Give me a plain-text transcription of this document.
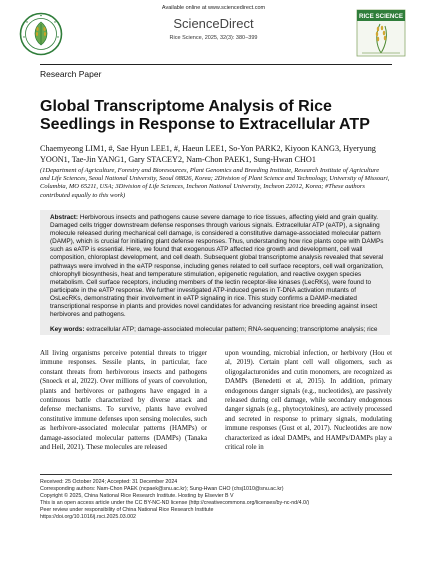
Available online at www.sciencedirect.com
ScienceDirect
Rice Science, 2025, 32(3): 380−399
RICE SCIENCE
Research Paper
Global Transcriptome Analysis of Rice Seedlings in Response to Extracellular ATP
Chaemyeong LIM1, #, Sae Hyun LEE1, #, Haeun LEE1, So-Yon PARK2, Kiyoon KANG3, Hyeryung YOON1, Tae-Jin YANG1, Gary STACEY2, Nam-Chon PAEK1, Sung-Hwan CHO1
(1Department of Agriculture, Forestry and Bioresources, Plant Genomics and Breeding Institute, Research Institute of Agriculture and Life Sciences, Seoul National University, Seoul 08826, Korea; 2Division of Plant Science and Technology, University of Missouri, Columbia, MO 65211, USA; 3Division of Life Sciences, Incheon National University, Incheon 22012, Korea; #These authors contributed equally to this work)
Abstract: Herbivorous insects and pathogens cause severe damage to rice tissues, affecting yield and grain quality. Damaged cells trigger downstream defense responses through various signals. Extracellular ATP (eATP), a signaling molecule released during mechanical cell damage, is considered a constitutive damage-associated molecular pattern (DAMP), which is crucial for initiating plant defense responses. Thus, understanding how rice plants cope with DAMPs such as eATP is essential. Here, we found that exogenous ATP affected rice growth and development, cell wall composition, chloroplast development, and cell death. Subsequent global transcriptome analysis revealed that several pathways were involved in the eATP response, including genes related to cell surface receptors, cell wall organization, chlorophyll biosynthesis, heat and temperature stimulation, epigenetic regulation, and reactive oxygen species metabolism. Cell surface receptors, including members of the lectin receptor-like kinases (LecRKs), were found to participate in the eATP response. We further investigated ATP-induced genes in T-DNA activation mutants of OsLecRKs, demonstrating their involvement in eATP signaling in rice. This study confirms a DAMP-mediated transcriptional response in plants and provides novel candidates for advancing resistant rice breeding against insect herbivores and pathogens.
Key words: extracellular ATP; damage-associated molecular pattern; RNA-sequencing; transcriptome analysis; rice
All living organisms perceive potential threats to trigger immune responses. Sessile plants, in particular, face constant threats from herbivorous insects and pathogens (Snoeck et al, 2022). Over millions of years of coevolution, plants and herbivores or pathogens have engaged in a continuous battle characterized by diverse attack and defense mechanisms. To survive, plants have evolved constitutive immune defenses upon sensing molecules, such as herbivore-associated molecular patterns (HAMPs) or damage-associated molecular patterns (DAMPs) (Tanaka and Heil, 2021). These molecules are released
upon wounding, microbial infection, or herbivory (Hou et al, 2019). Certain plant cell wall oligomers, such as oligogalacturonides and cutin monomers, are recognized as DAMPs (Benedetti et al, 2015). In addition, primary endogenous danger signals (e.g., nucleotides), are passively released during cell damage, while secondary endogenous danger signals (e.g., phytocytokines), are actively processed and secreted in response to primary signals, modulating immune responses (Gust et al, 2017). Nucleotides are now characterized as ideal DAMPs, and HAMPs/DAMPs play a critical role in
Received: 25 October 2024; Accepted: 31 December 2024
Corresponding authors: Nam-Chon PAEK (ncpaek@snu.ac.kr); Sung-Hwan CHO (chsj1010@snu.ac.kr)
Copyright © 2025, China National Rice Research Institute. Hosting by Elsevier B V
This is an open access article under the CC BY-NC-ND license (http://creativecommons.org/licenses/by-nc-nd/4.0/)
Peer review under responsibility of China National Rice Research Institute
https://doi.org/10.1016/j.rsci.2025.03.002
